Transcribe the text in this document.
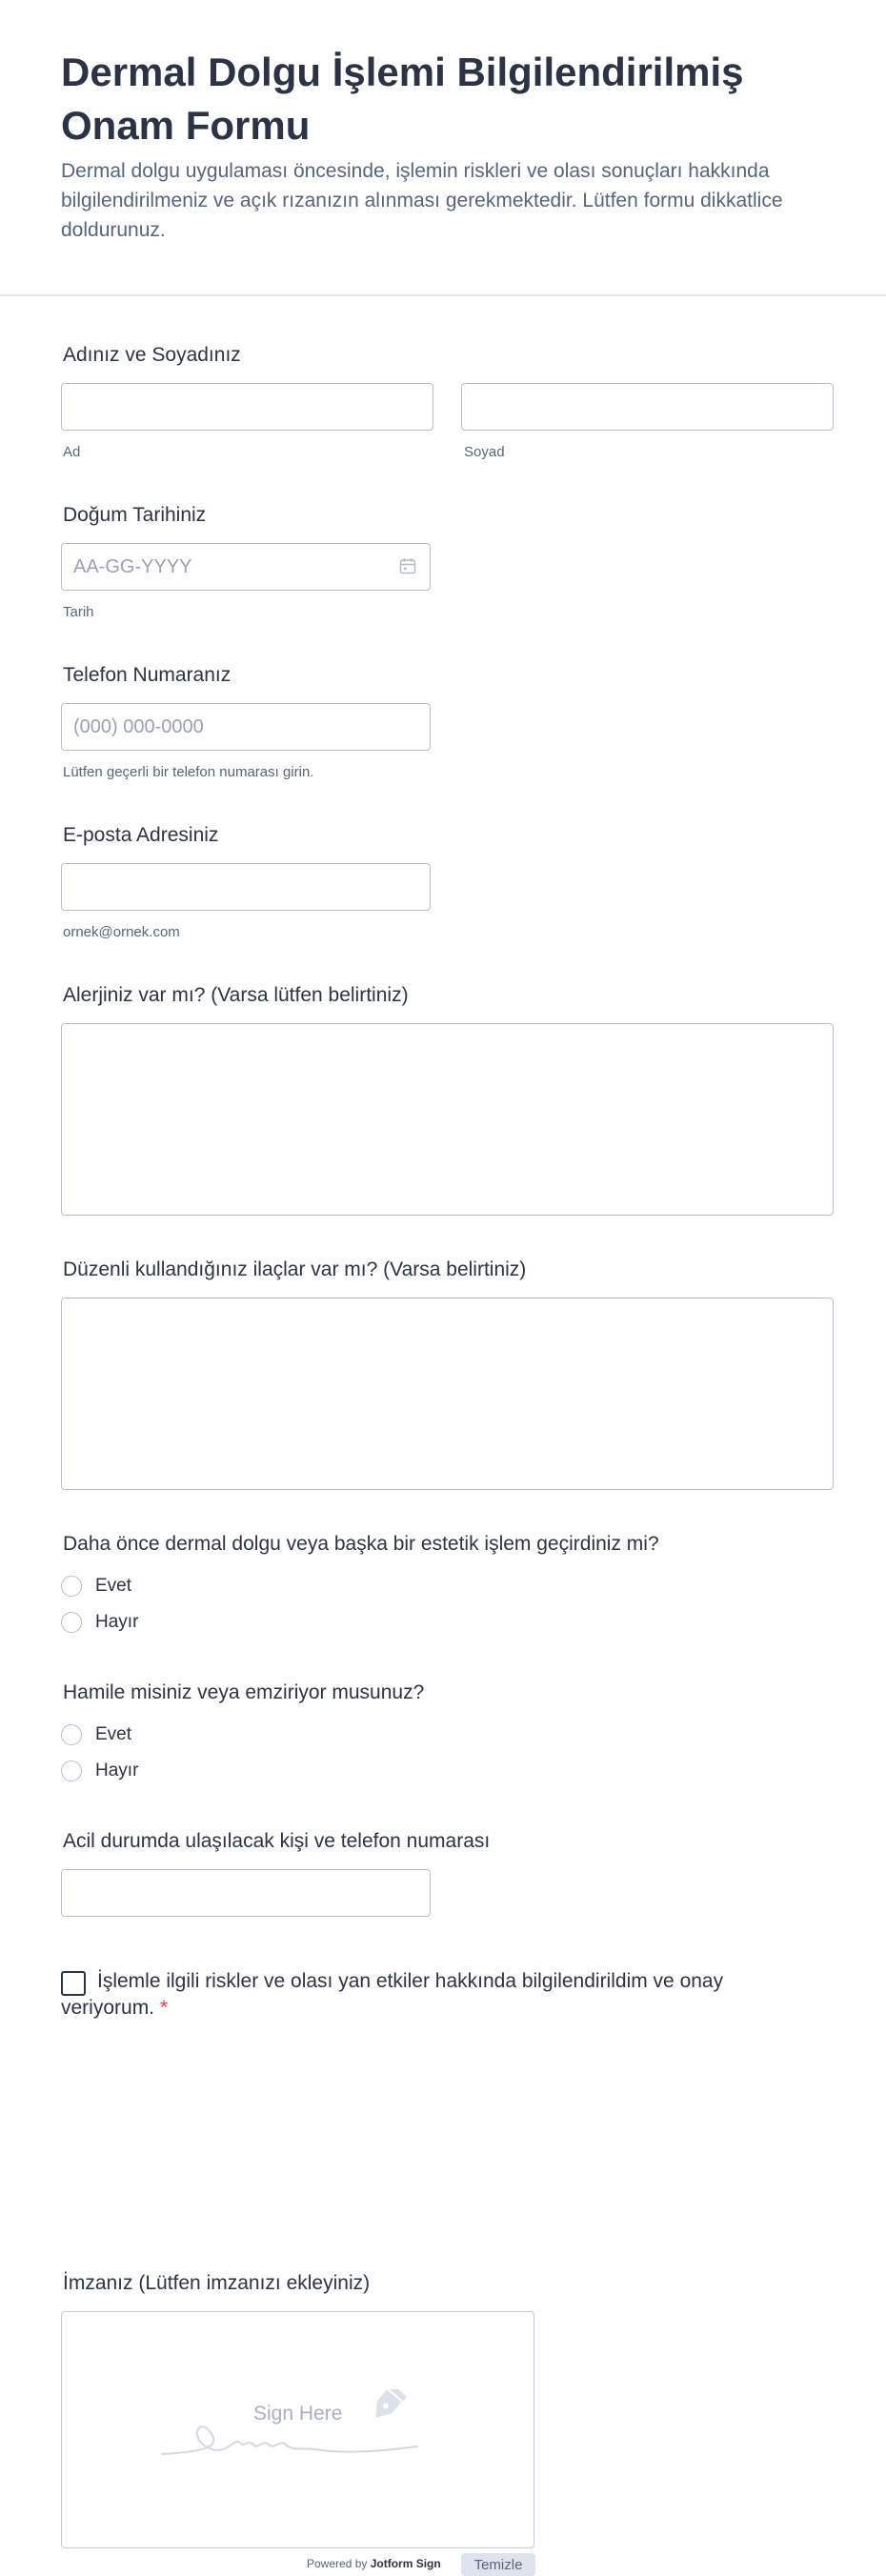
Dermal Dolgu İşlemi Bilgilendirilmiş Onam Formu

Dermal dolgu uygulaması öncesinde, işlemin riskleri ve olası sonuçları hakkında bilgilendirilmeniz ve açık rızanızın alınması gerekmektedir. Lütfen formu dikkatlice doldurunuz.

Adınız ve Soyadınız
Ad	Soyad
Doğum Tarihiniz
AA-GG-YYYY
Tarih
Telefon Numaranız
(000) 000-0000
Lütfen geçerli bir telefon numarası girin.
E-posta Adresiniz
ornek@ornek.com
Alerjiniz var mı? (Varsa lütfen belirtiniz)
Düzenli kullandığınız ilaçlar var mı? (Varsa belirtiniz)
Daha önce dermal dolgu veya başka bir estetik işlem geçirdiniz mi?
Evet
Hayır
Hamile misiniz veya emziriyor musunuz?
Evet
Hayır
Acil durumda ulaşılacak kişi ve telefon numarası

İşlemle ilgili riskler ve olası yan etkiler hakkında bilgilendirildim ve onay veriyorum. *

İmzanız (Lütfen imzanızı ekleyiniz)
Sign Here
Powered by Jotform Sign	Temizle
